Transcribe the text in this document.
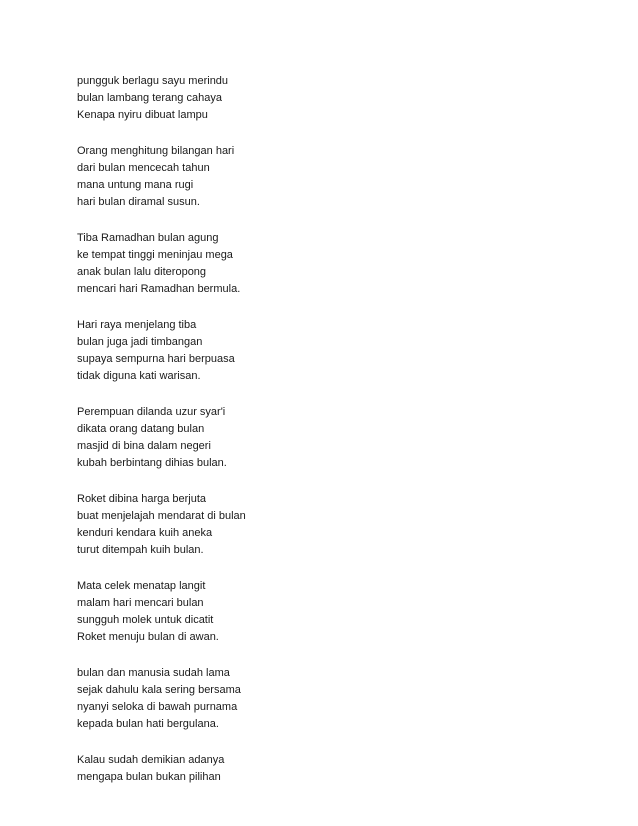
pungguk berlagu sayu merindu
bulan lambang terang cahaya
Kenapa nyiru dibuat lampu
Orang menghitung bilangan hari
dari bulan mencecah tahun
mana untung mana rugi
hari bulan diramal susun.
Tiba Ramadhan bulan agung
ke tempat tinggi meninjau mega
anak bulan lalu diteropong
mencari hari Ramadhan bermula.
Hari raya menjelang tiba
bulan juga jadi timbangan
supaya sempurna hari berpuasa
tidak diguna kati warisan.
Perempuan dilanda uzur syar'i
dikata orang datang bulan
masjid di bina dalam negeri
kubah berbintang dihias bulan.
Roket dibina harga berjuta
buat menjelajah mendarat di bulan
kenduri kendara kuih aneka
turut ditempah kuih bulan.
Mata celek menatap langit
malam hari mencari bulan
sungguh molek untuk dicatit
Roket menuju bulan di awan.
bulan dan manusia sudah lama
sejak dahulu kala sering bersama
nyanyi seloka di bawah purnama
kepada bulan hati bergulana.
Kalau sudah demikian adanya
mengapa bulan bukan pilihan
